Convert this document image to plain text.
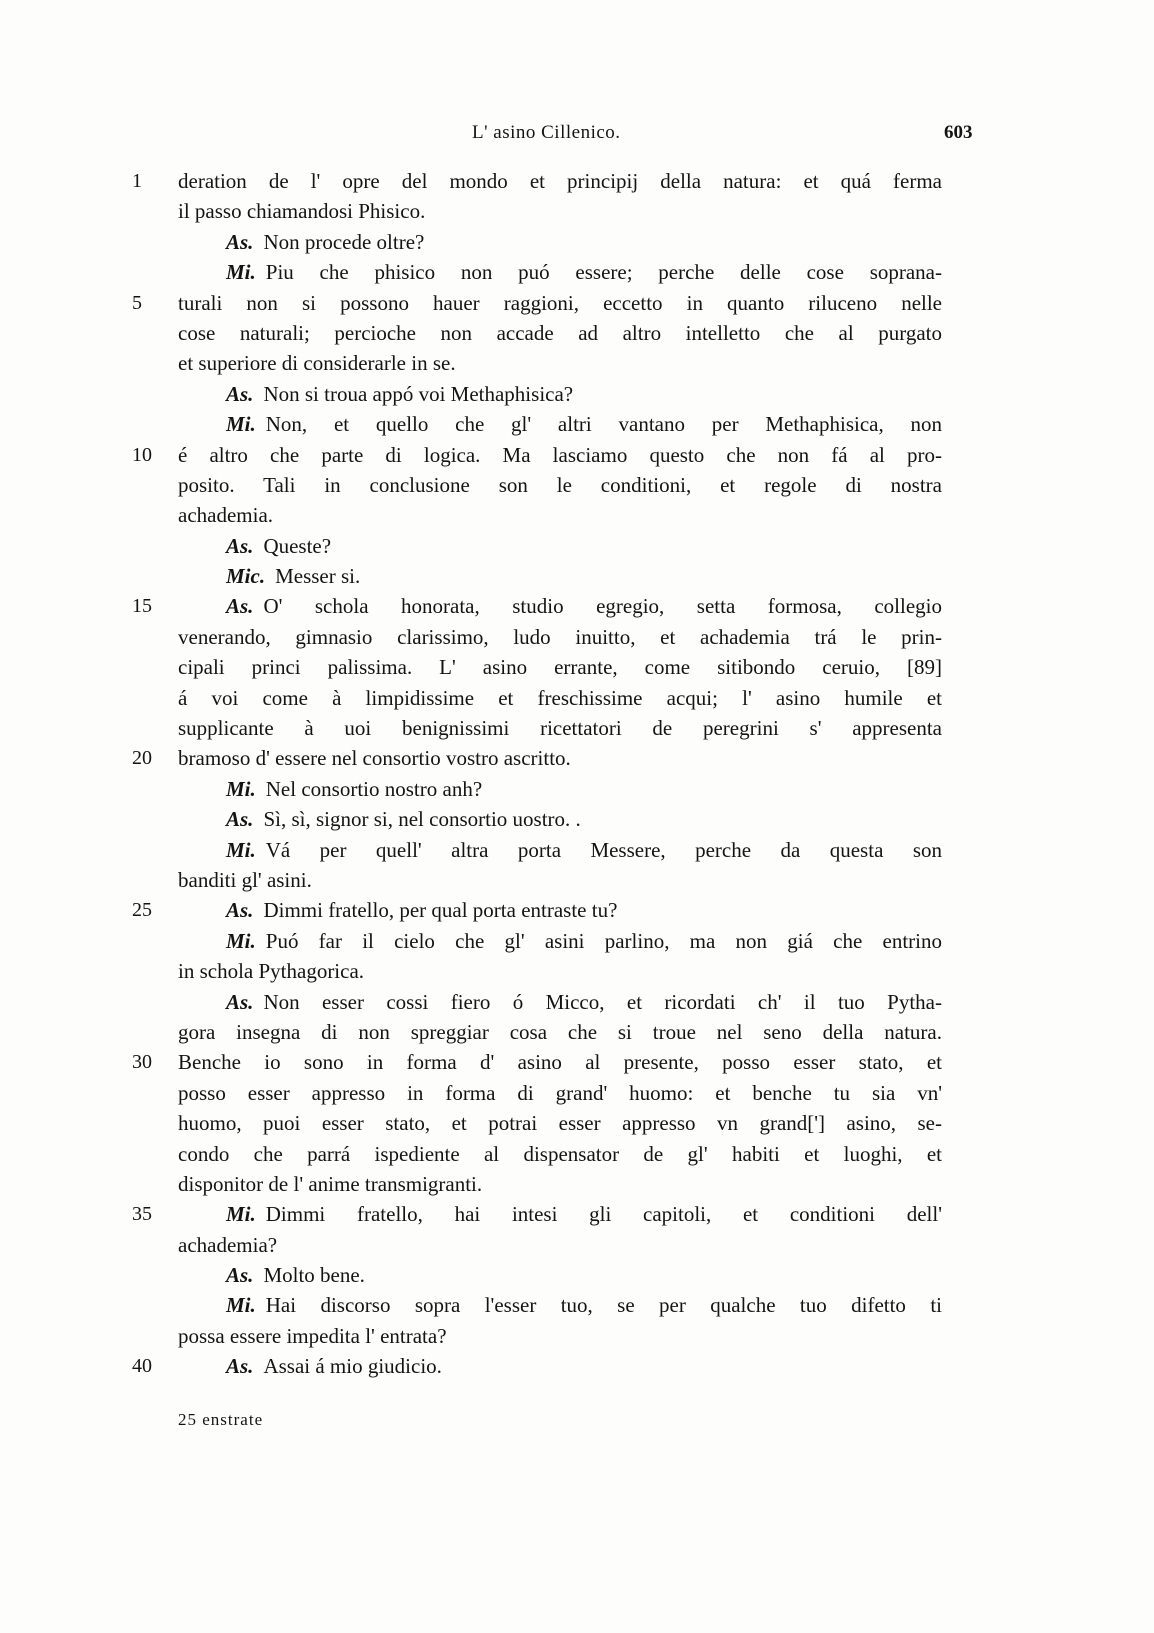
L' asino Cillenico.	603
1	deration de l' opre del mondo et principij della natura: et quá ferma
il passo chiamandosi Phisico.
As. Non procede oltre?
Mi. Piu che phisico non puó essere; perche delle cose soprana-
5	turali non si possono hauer raggioni, eccetto in quanto riluceno nelle
cose naturali; percioche non accade ad altro intelletto che al purgato
et superiore di considerarle in se.
As. Non si troua appó voi Methaphisica?
Mi. Non, et quello che gl' altri vantano per Methaphisica, non
10	é altro che parte di logica. Ma lasciamo questo che non fá al pro-
posito. Tali in conclusione son le conditioni, et regole di nostra
achademia.
As. Queste?
Mic. Messer si.
15	As. O' schola honorata, studio egregio, setta formosa, collegio
venerando, gimnasio clarissimo, ludo inuitto, et achademia trá le prin-
cipali princi palissima. L' asino errante, come sitibondo ceruio, [89]
á voi come à limpidissime et freschissime acqui; l' asino humile et
supplicante à uoi benignissimi ricettatori de peregrini s' appresenta
20	bramoso d' essere nel consortio vostro ascritto.
Mi. Nel consortio nostro anh?
As. Sì, sì, signor si, nel consortio uostro. .
Mi. Vá per quell' altra porta Messere, perche da questa son
banditi gl' asini.
25	As. Dimmi fratello, per qual porta entraste tu?
Mi. Puó far il cielo che gl' asini parlino, ma non giá che entrino
in schola Pythagorica.
As. Non esser cossi fiero ó Micco, et ricordati ch' il tuo Pytha-
gora insegna di non spreggiar cosa che si troue nel seno della natura.
30	Benche io sono in forma d' asino al presente, posso esser stato, et
posso esser appresso in forma di grand' huomo: et benche tu sia vn'
huomo, puoi esser stato, et potrai esser appresso vn grand['] asino, se-
condo che parrá ispediente al dispensator de gl' habiti et luoghi, et
disponitor de l' anime transmigranti.
35	Mi. Dimmi fratello, hai intesi gli capitoli, et conditioni dell'
achademia?
As. Molto bene.
Mi. Hai discorso sopra l'esser tuo, se per qualche tuo difetto ti
possa essere impedita l' entrata?
40	As. Assai á mio giudicio.
25 enstrate
